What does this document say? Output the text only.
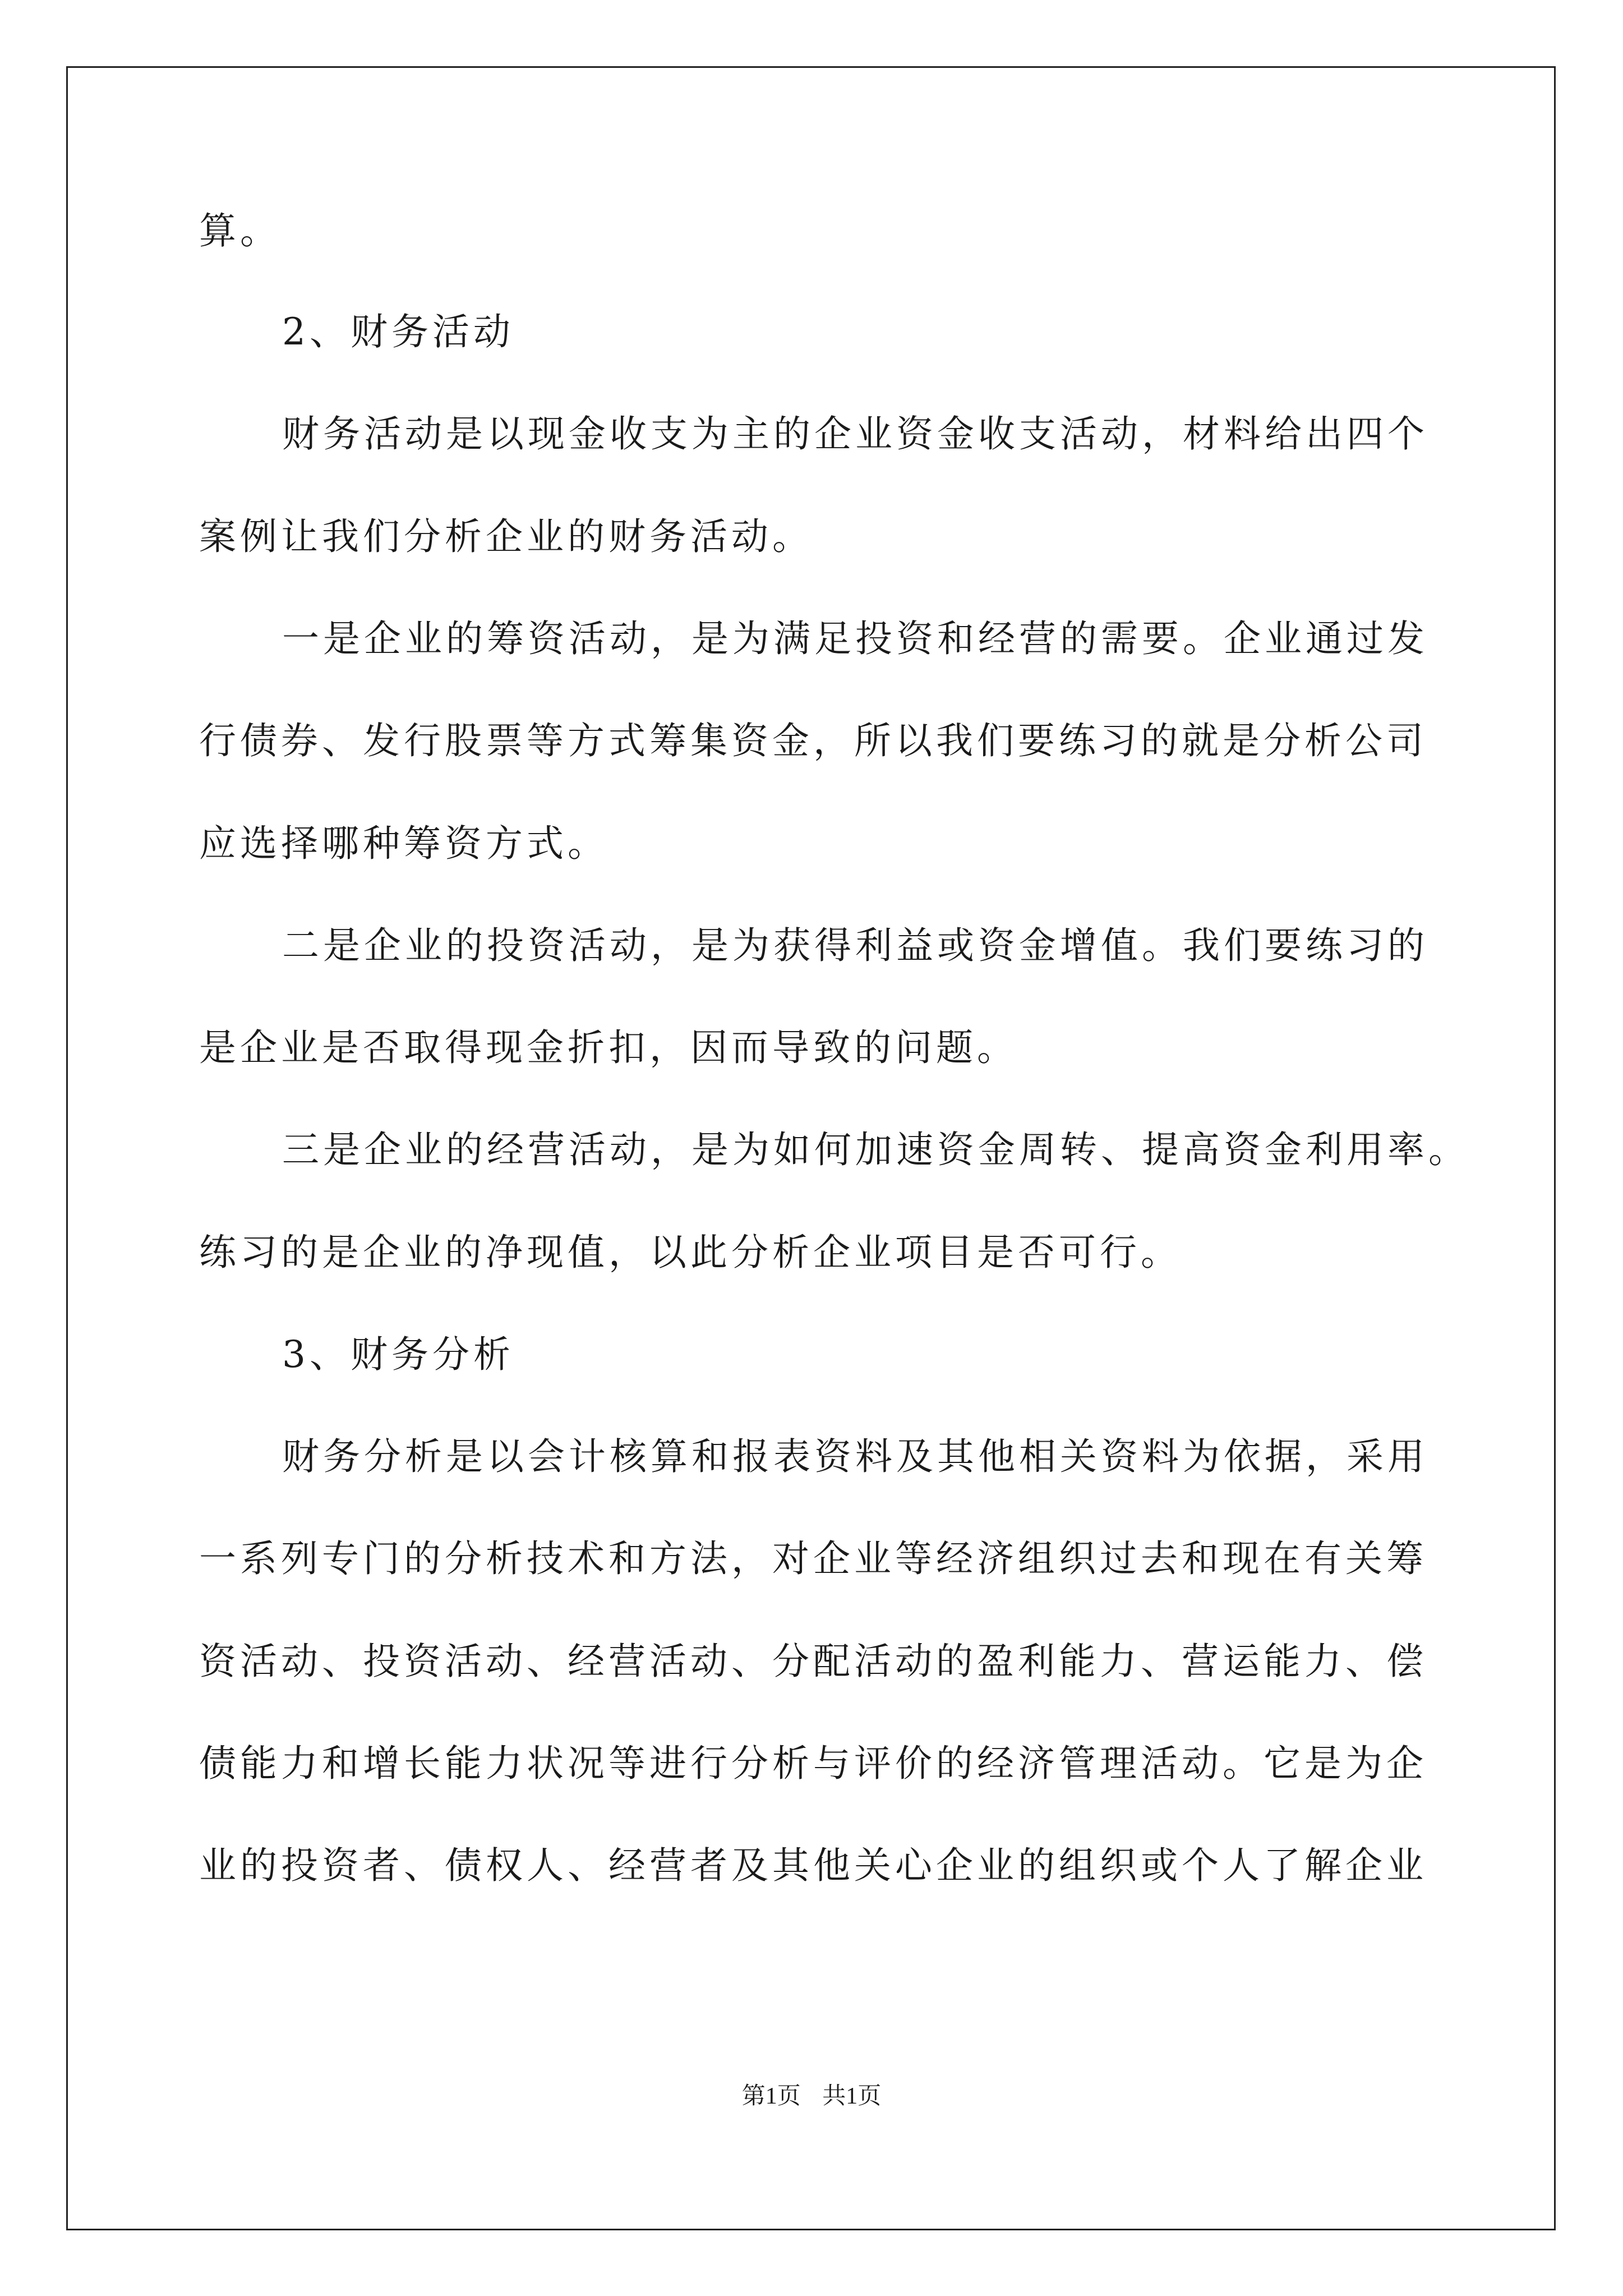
算。
2、财务活动
财务活动是以现金收支为主的企业资金收支活动，材料给出四个
案例让我们分析企业的财务活动。
一是企业的筹资活动，是为满足投资和经营的需要。企业通过发
行债券、发行股票等方式筹集资金，所以我们要练习的就是分析公司
应选择哪种筹资方式。
二是企业的投资活动，是为获得利益或资金增值。我们要练习的
是企业是否取得现金折扣，因而导致的问题。
三是企业的经营活动，是为如何加速资金周转、提高资金利用率。
练习的是企业的净现值，以此分析企业项目是否可行。
3、财务分析
财务分析是以会计核算和报表资料及其他相关资料为依据，采用
一系列专门的分析技术和方法，对企业等经济组织过去和现在有关筹
资活动、投资活动、经营活动、分配活动的盈利能力、营运能力、偿
债能力和增长能力状况等进行分析与评价的经济管理活动。它是为企
业的投资者、债权人、经营者及其他关心企业的组织或个人了解企业
第1页 共1页
